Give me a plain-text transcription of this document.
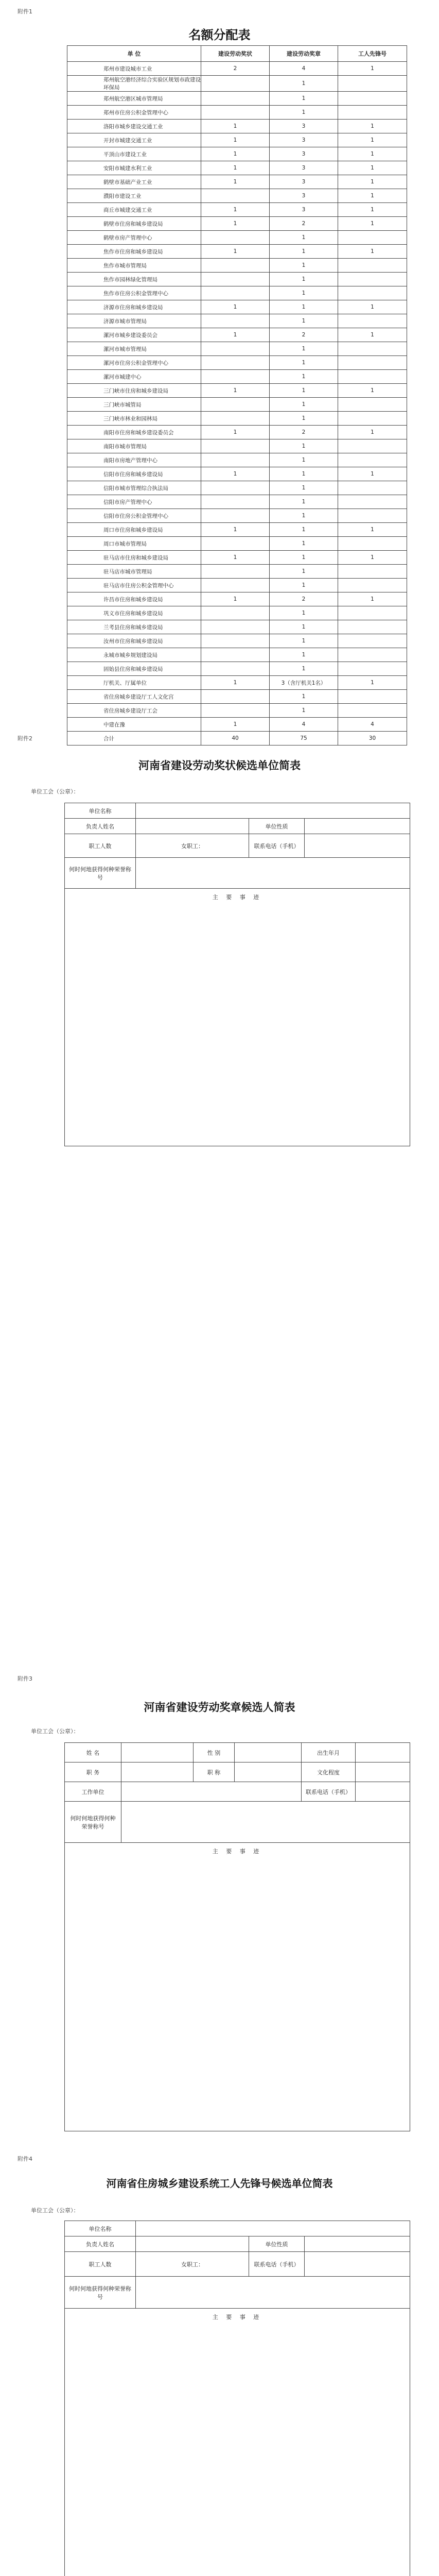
附件1
名额分配表
单 位	建设劳动奖状	建设劳动奖章	工人先锋号
郑州市建设城市工业	2	4	1
郑州航空港经济综合实验区规划市政建设环保局		1	
郑州航空港区城市管理局		1	
郑州市住房公积金管理中心		1	
洛阳市城乡建设交通工业	1	3	1
开封市城建交通工业	1	3	1
平顶山市建设工业	1	3	1
安阳市城建水利工业	1	3	1
鹤壁市基础产业工业	1	3	1
濮阳市建设工业		3	1
商丘市城建交通工业	1	3	1
鹤壁市住房和城乡建设局	1	2	1
鹤壁市房产管理中心		1	
焦作市住房和城乡建设局	1	1	1
焦作市城市管理局		1	
焦作市园林绿化管理局		1	
焦作市住房公积金管理中心		1	
济源市住房和城乡建设局	1	1	1
济源市城市管理局		1	
漯河市城乡建设委员会	1	2	1
漯河市城市管理局		1	
漯河市住房公积金管理中心		1	
漯河市城建中心		1	
三门峡市住房和城乡建设局	1	1	1
三门峡市城管局		1	
三门峡市林业和园林局		1	
南阳市住房和城乡建设委员会	1	2	1
南阳市城市管理局		1	
南阳市房地产管理中心		1	
信阳市住房和城乡建设局	1	1	1
信阳市城市管理综合执法局		1	
信阳市房产管理中心		1	
信阳市住房公积金管理中心		1	
周口市住房和城乡建设局	1	1	1
周口市城市管理局		1	
驻马店市住房和城乡建设局	1	1	1
驻马店市城市管理局		1	
驻马店市住房公积金管理中心		1	
许昌市住房和城乡建设局	1	2	1
巩义市住房和城乡建设局		1	
兰考县住房和城乡建设局		1	
汝州市住房和城乡建设局		1	
永城市城乡规划建设局		1	
固始县住房和城乡建设局		1	
厅机关、厅属单位	1	3（含厅机关1名）	1
省住房城乡建设厅工人文化宫		1	
省住房城乡建设厅工会		1	
中建在豫	1	4	4
合计	40	75	30
附件2
河南省建设劳动奖状候选单位简表
单位工会（公章）：
单位名称			
负责人姓名		单位性质	
职工人数	女职工：	联系电话（手机）	
何时何地获得何种荣誉称号			

主 要 事 迹			
附件3
河南省建设劳动奖章候选人简表
单位工会（公章）：
姓 名		性 别		出生年月	
职 务		职 称		文化程度	
工作单位				联系电话（手机）	
何时何地获得何种荣誉称号					

主 要 事 迹					
附件4
河南省住房城乡建设系统工人先锋号候选单位简表
单位工会（公章）：
单位名称			
负责人姓名		单位性质	
职工人数	女职工：	联系电话（手机）	
何时何地获得何种荣誉称号			

主 要 事 迹			
